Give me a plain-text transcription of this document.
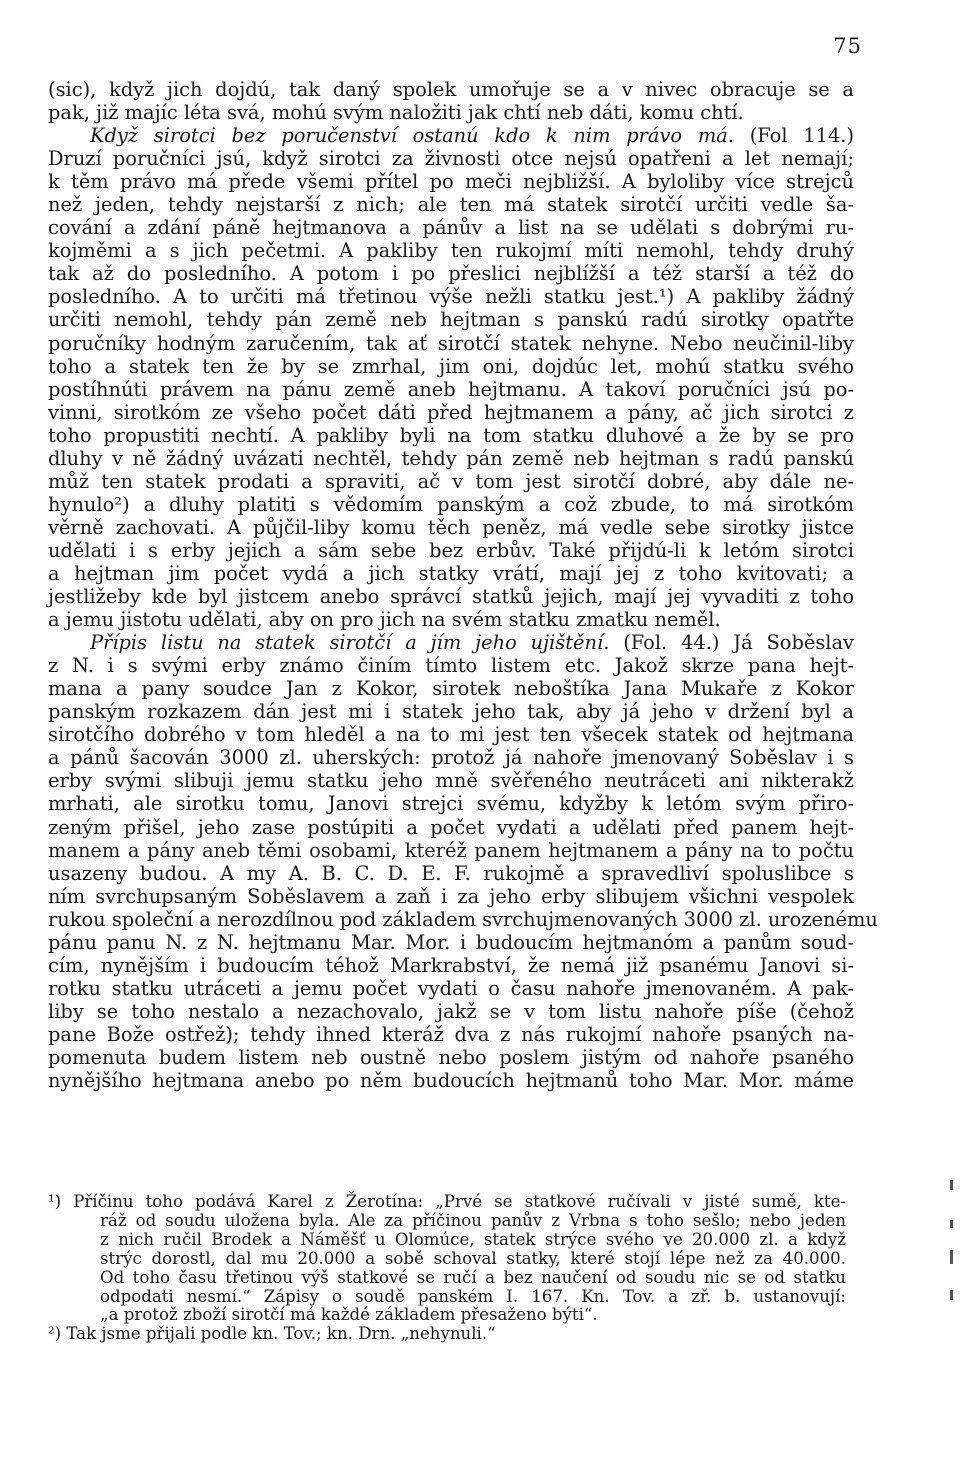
75
(sic), když jich dojdú, tak daný spolek umořuje se a v nivec obracuje se a
pak, již majíc léta svá, mohú svým naložiti jak chtí neb dáti, komu chtí.
Když sirotci bez poručenství ostanú kdo k nim právo má. (Fol 114.)
Druzí poručníci jsú, když sirotci za živnosti otce nejsú opatřeni a let nemají;
k těm právo má přede všemi přítel po meči nejbližší. A byloliby více strejců
než jeden, tehdy nejstarší z nich; ale ten má statek sirotčí určiti vedle ša-
cování a zdání páně hejtmanova a pánův a list na se udělati s dobrými ru-
kojměmi a s jich pečetmi. A pakliby ten rukojmí míti nemohl, tehdy druhý
tak až do posledního. A potom i po přeslici nejblížší a též starší a též do
posledního. A to určiti má třetinou výše nežli statku jest.¹) A pakliby žádný
určiti nemohl, tehdy pán země neb hejtman s panskú radú sirotky opatřte
poručníky hodným zaručením, tak ať sirotčí statek nehyne. Nebo neučinil-liby
toho a statek ten že by se zmrhal, jim oni, dojdúc let, mohú statku svého
postíhnúti právem na pánu země aneb hejtmanu. A takoví poručníci jsú po-
vinni, sirotkóm ze všeho počet dáti před hejtmanem a pány, ač jich sirotci z
toho propustiti nechtí. A pakliby byli na tom statku dluhové a že by se pro
dluhy v ně žádný uvázati nechtěl, tehdy pán země neb hejtman s radú panskú
můž ten statek prodati a spraviti, ač v tom jest sirotčí dobré, aby dále ne-
hynulo²) a dluhy platiti s vědomím panským a což zbude, to má sirotkóm
věrně zachovati. A půjčil-liby komu těch peněz, má vedle sebe sirotky jistce
udělati i s erby jejich a sám sebe bez erbův. Také přijdú-li k letóm sirotci
a hejtman jim počet vydá a jich statky vrátí, mají jej z toho kvitovati; a
jestližeby kde byl jistcem anebo správcí statků jejich, mají jej vyvaditi z toho
a jemu jistotu udělati, aby on pro jich na svém statku zmatku neměl.
Přípis listu na statek sirotčí a jím jeho ujištění. (Fol. 44.) Já Soběslav
z N. i s svými erby známo činím tímto listem etc. Jakož skrze pana hejt-
mana a pany soudce Jan z Kokor, sirotek neboštíka Jana Mukaře z Kokor
panským rozkazem dán jest mi i statek jeho tak, aby já jeho v držení byl a
sirotčího dobrého v tom hleděl a na to mi jest ten všecek statek od hejtmana
a pánů šacován 3000 zl. uherských: protož já nahoře jmenovaný Soběslav i s
erby svými slibuji jemu statku jeho mně svěřeného neutráceti ani nikterakž
mrhati, ale sirotku tomu, Janovi strejci svému, kdyžby k letóm svým přiro-
zeným přišel, jeho zase postúpiti a počet vydati a udělati před panem hejt-
manem a pány aneb těmi osobami, kteréž panem hejtmanem a pány na to počtu
usazeny budou. A my A. B. C. D. E. F. rukojmě a spravedliví spoluslibce s
ním svrchupsaným Soběslavem a zaň i za jeho erby slibujem všichni vespolek
rukou společní a nerozdílnou pod základem svrchujmenovaných 3000 zl. urozenému
pánu panu N. z N. hejtmanu Mar. Mor. i budoucím hejtmanóm a panům soud-
cím, nynějším i budoucím téhož Markrabství, že nemá již psanému Janovi si-
rotku statku utráceti a jemu počet vydati o času nahoře jmenovaném. A pak-
liby se toho nestalo a nezachovalo, jakž se v tom listu nahoře píše (čehož
pane Bože ostřež); tehdy ihned kteráž dva z nás rukojmí nahoře psaných na-
pomenuta budem listem neb oustně nebo poslem jistým od nahoře psaného
nynějšího hejtmana anebo po něm budoucích hejtmanů toho Mar. Mor. máme
¹) Příčinu toho podává Karel z Žerotína: „Prvé se statkové ručívali v jisté sumě, kte-
ráž od soudu uložena byla. Ale za příčinou panův z Vrbna s toho sešlo; nebo jeden
z nich ručil Brodek a Náměšť u Olomúce, statek strýce svého ve 20.000 zl. a když
strýc dorostl, dal mu 20.000 a sobě schoval statky, které stojí lépe než za 40.000.
Od toho času třetinou výš statkové se ručí a bez naučení od soudu nic se od statku
odpodati nesmí.“ Zápisy o soudě panském I. 167. Kn. Tov. a zř. b. ustanovují:
„a protož zboží sirotčí má každé základem přesaženo býti“.
²) Tak jsme přijali podle kn. Tov.; kn. Drn. „nehynuli.“
